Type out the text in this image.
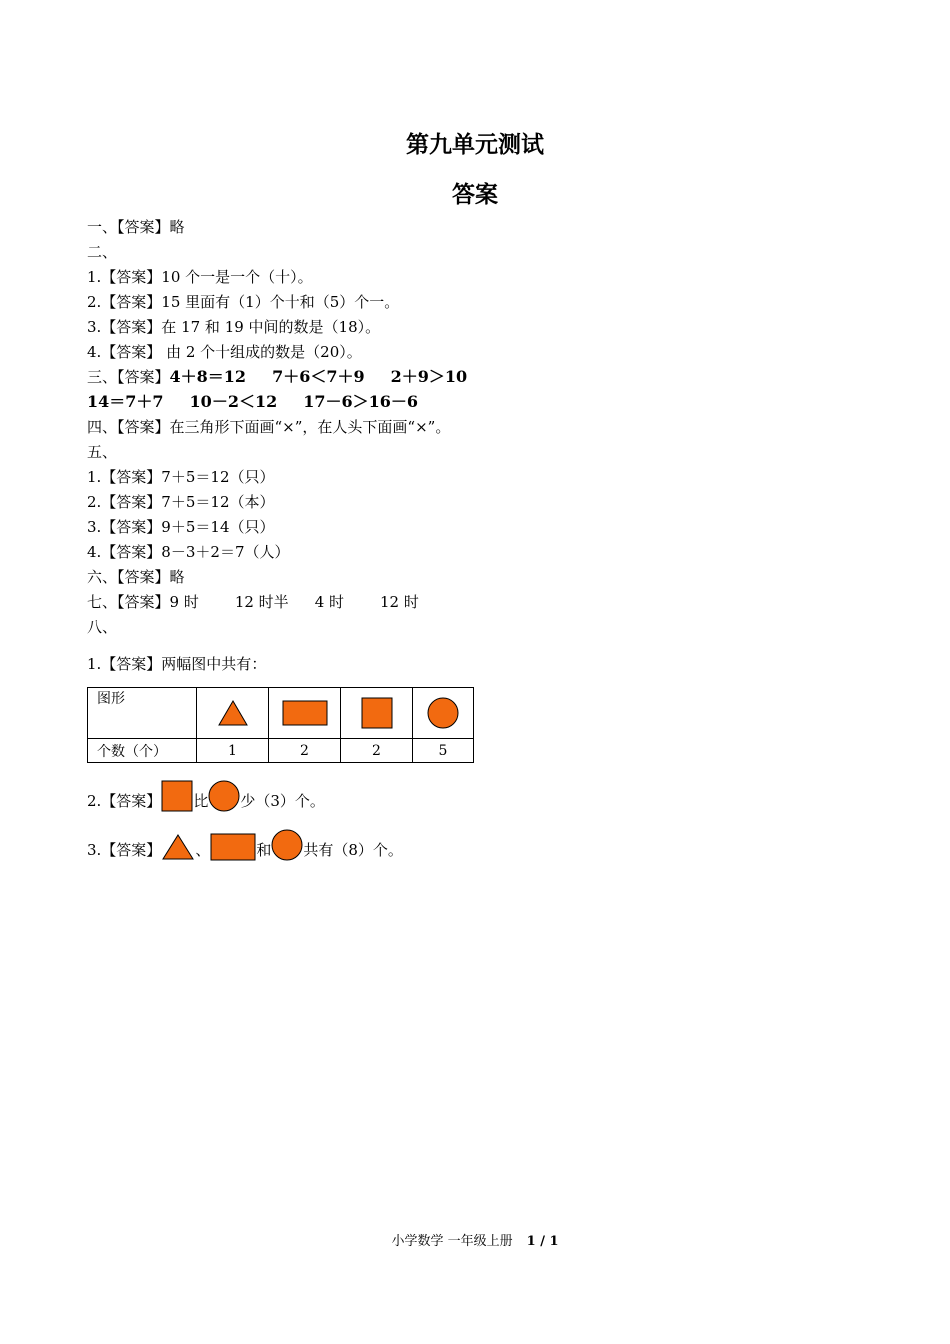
第九单元测试
答案
一、【答案】略
二、
1.【答案】10 个一是一个（十）。
2.【答案】15 里面有（1）个十和（5）个一。
3.【答案】在 17 和 19 中间的数是（18）。
4.【答案】 由 2 个十组成的数是（20）。
三、【答案】4＋8＝12 7＋6＜7＋9 2＋9＞10
14＝7＋7 10－2＜12 17－6＞16－6
四、【答案】在三角形下面画“×”，在人头下面画“×”。
五、
1.【答案】7＋5＝12（只）
2.【答案】7＋5＝12（本）
3.【答案】9＋5＝14（只）
4.【答案】8－3＋2＝7（人）
六、【答案】略
七、【答案】9 时 12 时半 4 时 12 时
八、
1.【答案】两幅图中共有：
图形				
个数（个）	1	2	2	5
2.【答案】 比 少（3）个。
3.【答案】 、	和 共有（8）个。
小学数学 一年级上册 1 / 1
